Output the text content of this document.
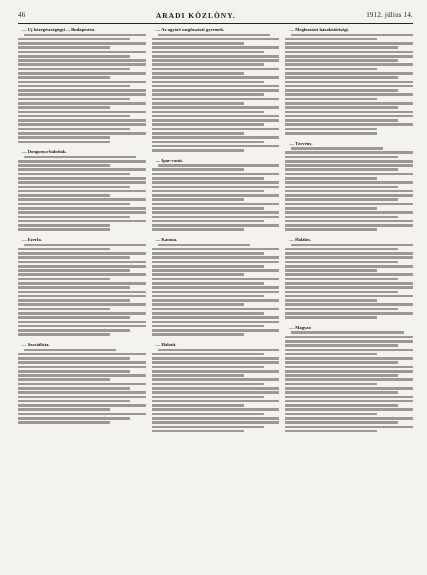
46	ARADI KÖZLÖNY.	1912. július 14.
— Uj közegészségügyi ... Budapesten.
— Dongonya-halottak.
— Ezerfa.
— Szociálista.
— Az agyáré megfosztott gyermek.
— Ipar-vasút.
— Katona.
— Halotti.
— Megfosztott házakötöttségi.
— Törvény.
— Halálos.
— Magyar.
